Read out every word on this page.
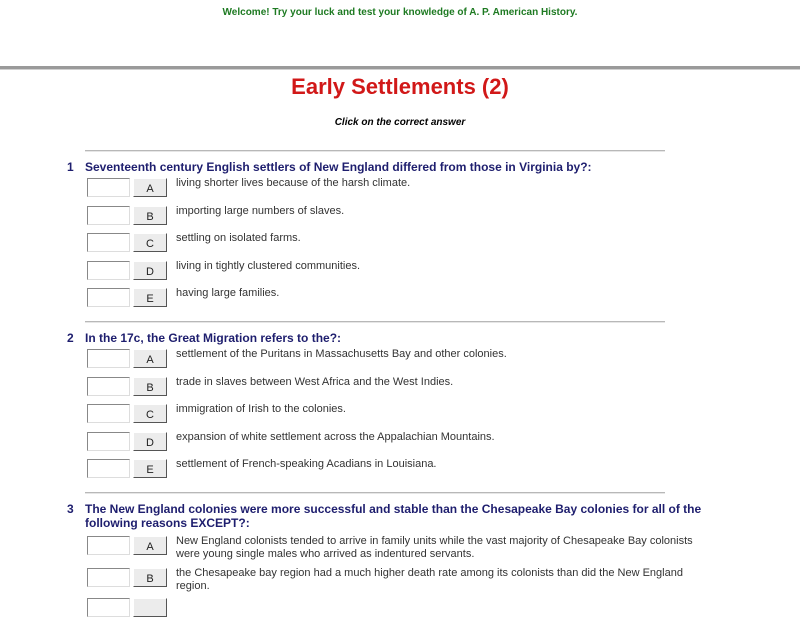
Welcome! Try your luck and test your knowledge of A. P. American History.
Early Settlements (2)
Click on the correct answer
1 Seventeenth century English settlers of New England differed from those in Virginia by?:
A	living shorter lives because of the harsh climate.
B	importing large numbers of slaves.
C	settling on isolated farms.
D	living in tightly clustered communities.
E	having large families.
2 In the 17c, the Great Migration refers to the?:
A	settlement of the Puritans in Massachusetts Bay and other colonies.
B	trade in slaves between West Africa and the West Indies.
C	immigration of Irish to the colonies.
D	expansion of white settlement across the Appalachian Mountains.
E	settlement of French-speaking Acadians in Louisiana.
3 The New England colonies were more successful and stable than the Chesapeake Bay colonies for all of the following reasons EXCEPT?:
A	New England colonists tended to arrive in family units while the vast majority of Chesapeake Bay colonists were young single males who arrived as indentured servants.
B	the Chesapeake bay region had a much higher death rate among its colonists than did the New England region.
